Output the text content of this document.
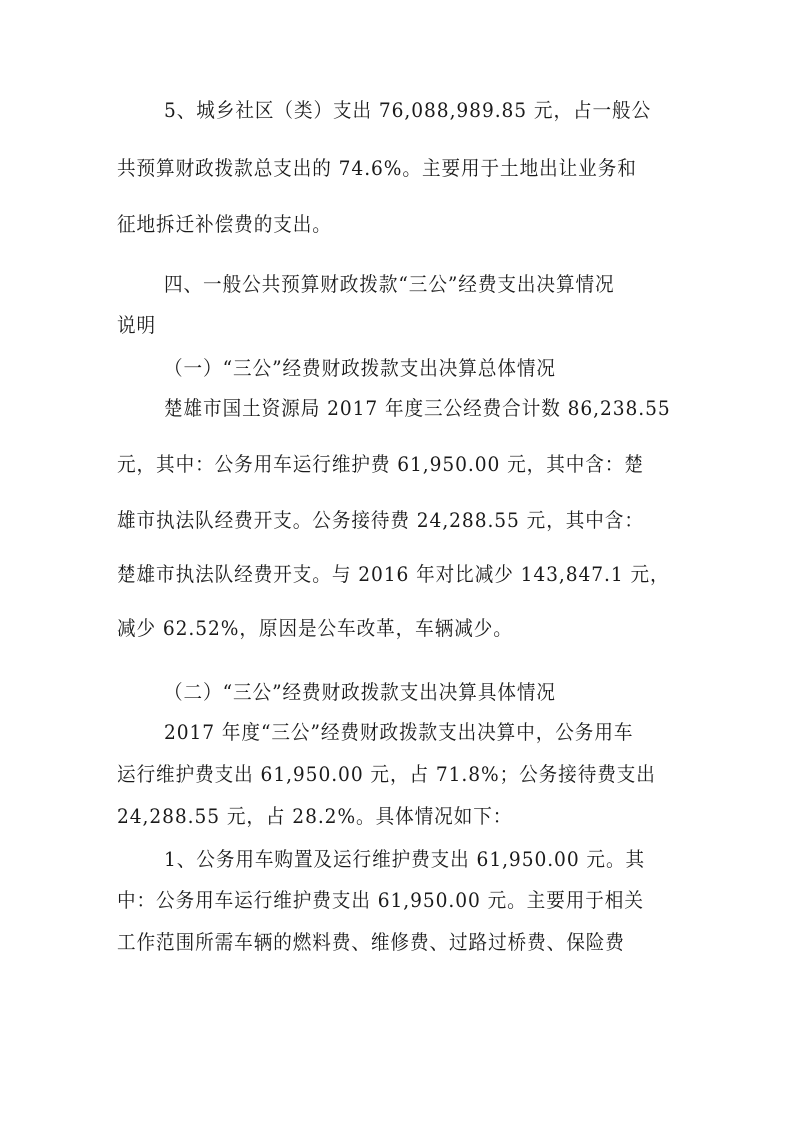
5、城乡社区（类）支出 76,088,989.85 元，占一般公
共预算财政拨款总支出的 74.6%。主要用于土地出让业务和
征地拆迁补偿费的支出。
四、一般公共预算财政拨款“三公”经费支出决算情况
说明
（一）“三公”经费财政拨款支出决算总体情况
楚雄市国土资源局 2017 年度三公经费合计数 86,238.55
元，其中：公务用车运行维护费 61,950.00 元，其中含：楚
雄市执法队经费开支。公务接待费 24,288.55 元，其中含：
楚雄市执法队经费开支。与 2016 年对比减少 143,847.1 元，
减少 62.52%，原因是公车改革，车辆减少。
（二）“三公”经费财政拨款支出决算具体情况
2017 年度“三公”经费财政拨款支出决算中，公务用车
运行维护费支出 61,950.00 元，占 71.8%；公务接待费支出
24,288.55 元，占 28.2%。具体情况如下：
1、公务用车购置及运行维护费支出 61,950.00 元。其
中：公务用车运行维护费支出 61,950.00 元。主要用于相关
工作范围所需车辆的燃料费、维修费、过路过桥费、保险费
